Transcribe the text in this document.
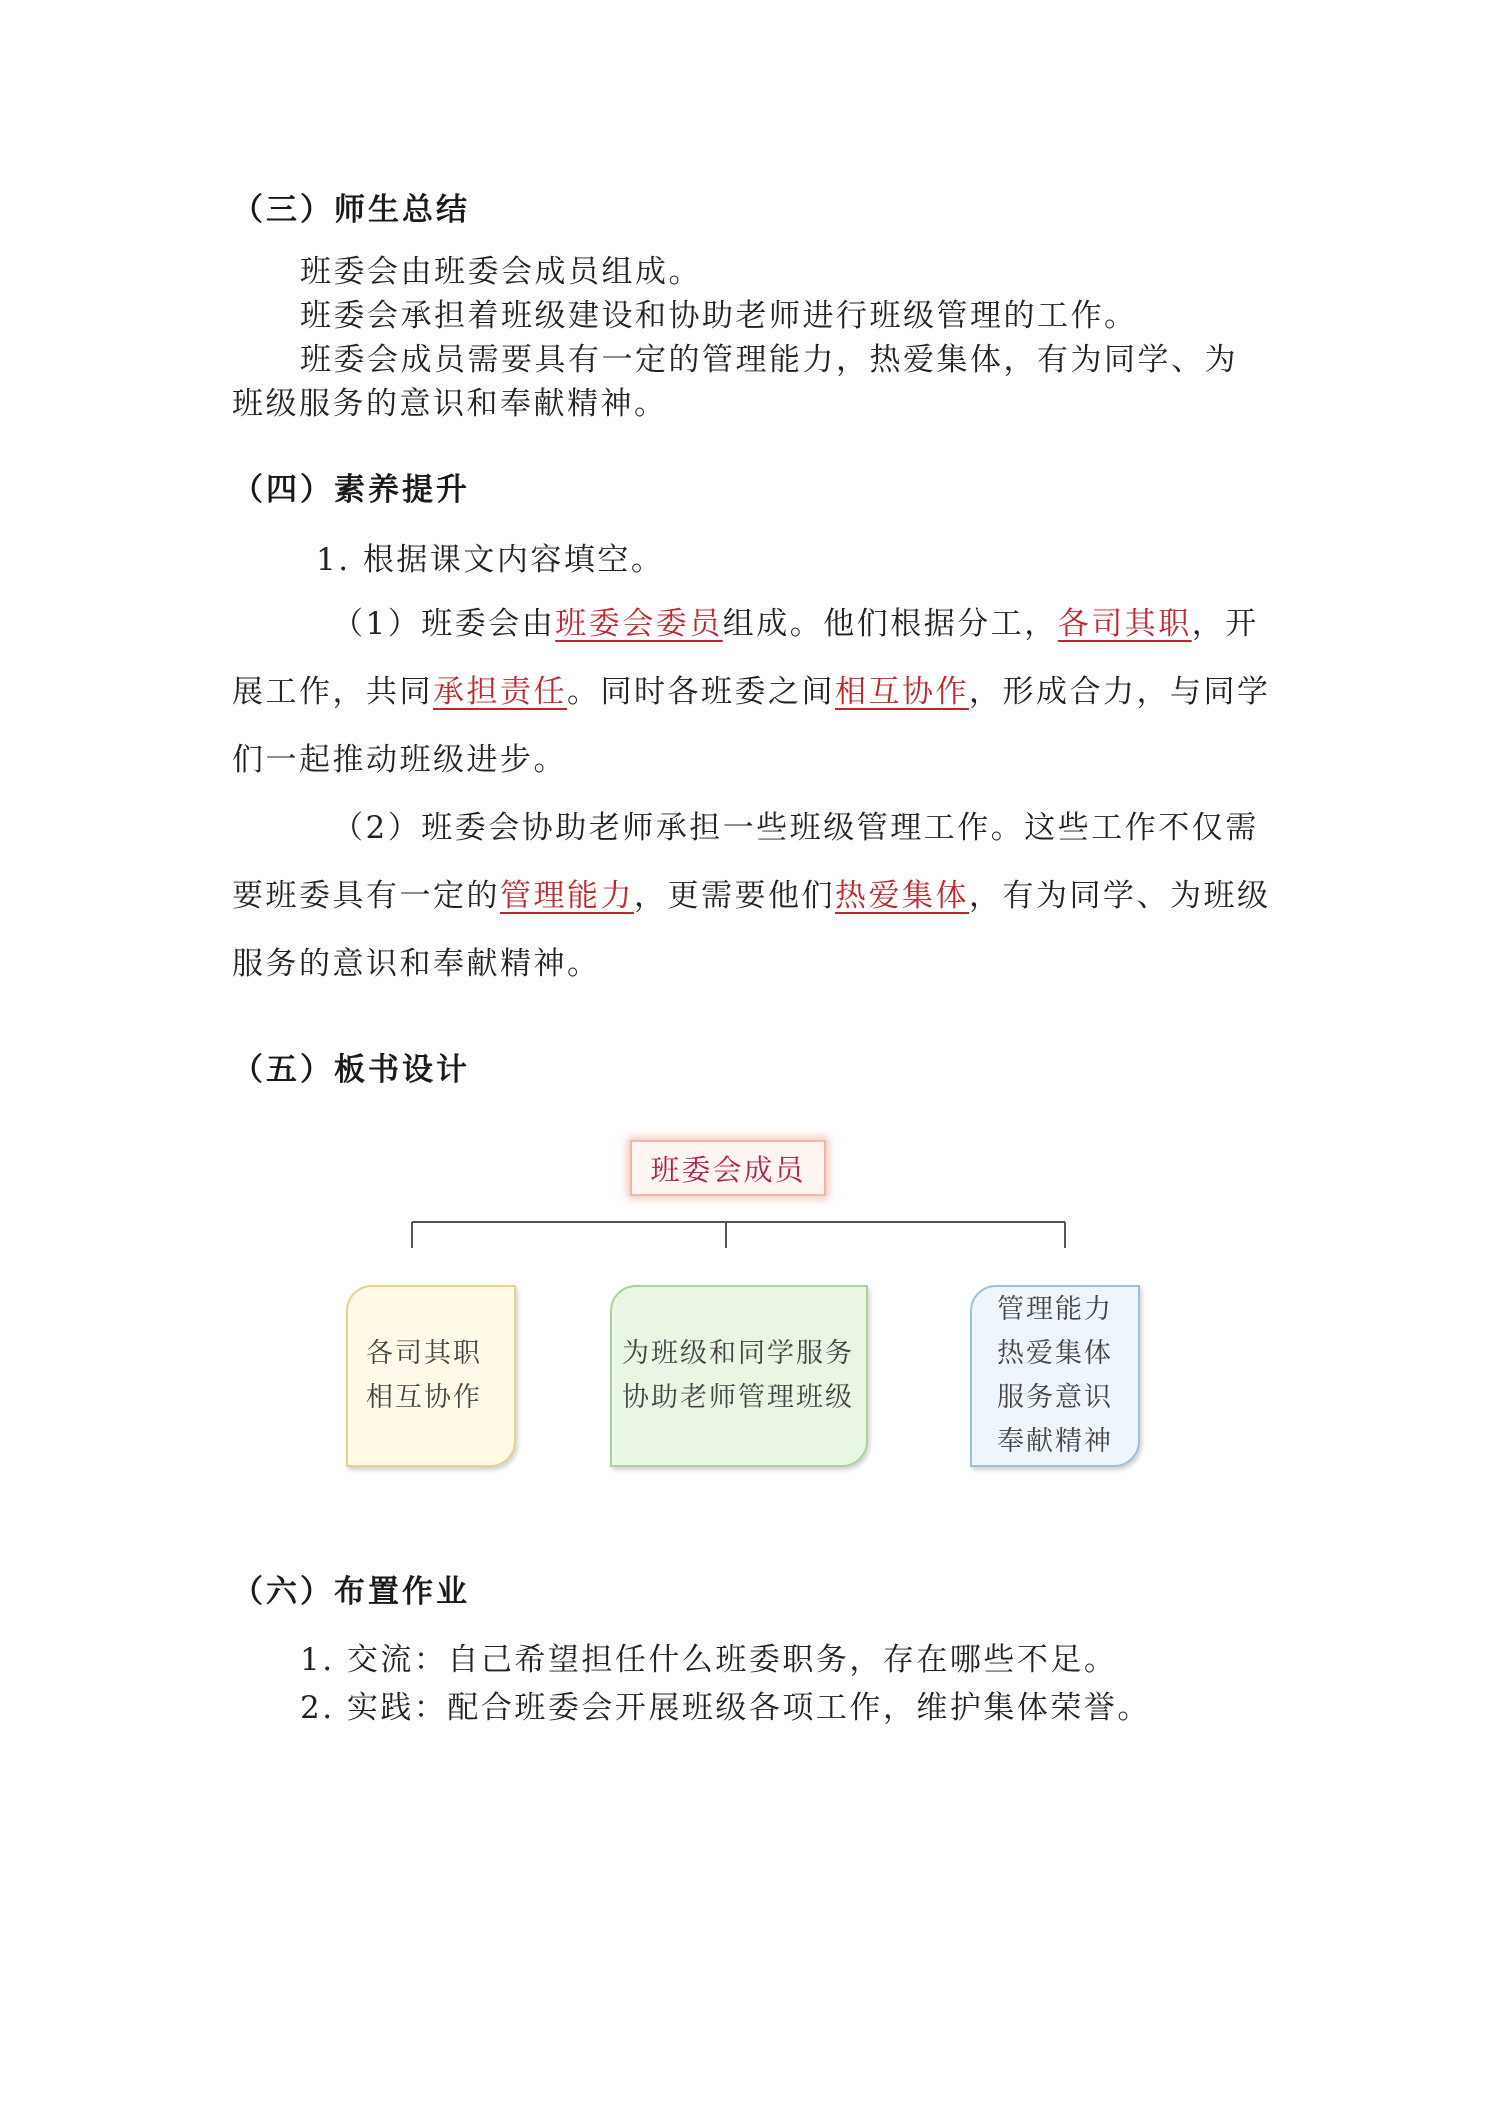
（三）师生总结
班委会由班委会成员组成。
班委会承担着班级建设和协助老师进行班级管理的工作。
班委会成员需要具有一定的管理能力，热爱集体，有为同学、为
班级服务的意识和奉献精神。
（四）素养提升
1. 根据课文内容填空。
（1）班委会由班委会委员组成。他们根据分工，各司其职，开展工作，共同承担责任。同时各班委之间相互协作，形成合力，与同学们一起推动班级进步。
（2）班委会协助老师承担一些班级管理工作。这些工作不仅需要班委具有一定的管理能力，更需要他们热爱集体，有为同学、为班级服务的意识和奉献精神。
（五）板书设计
班委会成员
各司其职
相互协作
为班级和同学服务
协助老师管理班级
管理能力
热爱集体
服务意识
奉献精神
（六）布置作业
1. 交流：自己希望担任什么班委职务，存在哪些不足。
2. 实践：配合班委会开展班级各项工作，维护集体荣誉。
